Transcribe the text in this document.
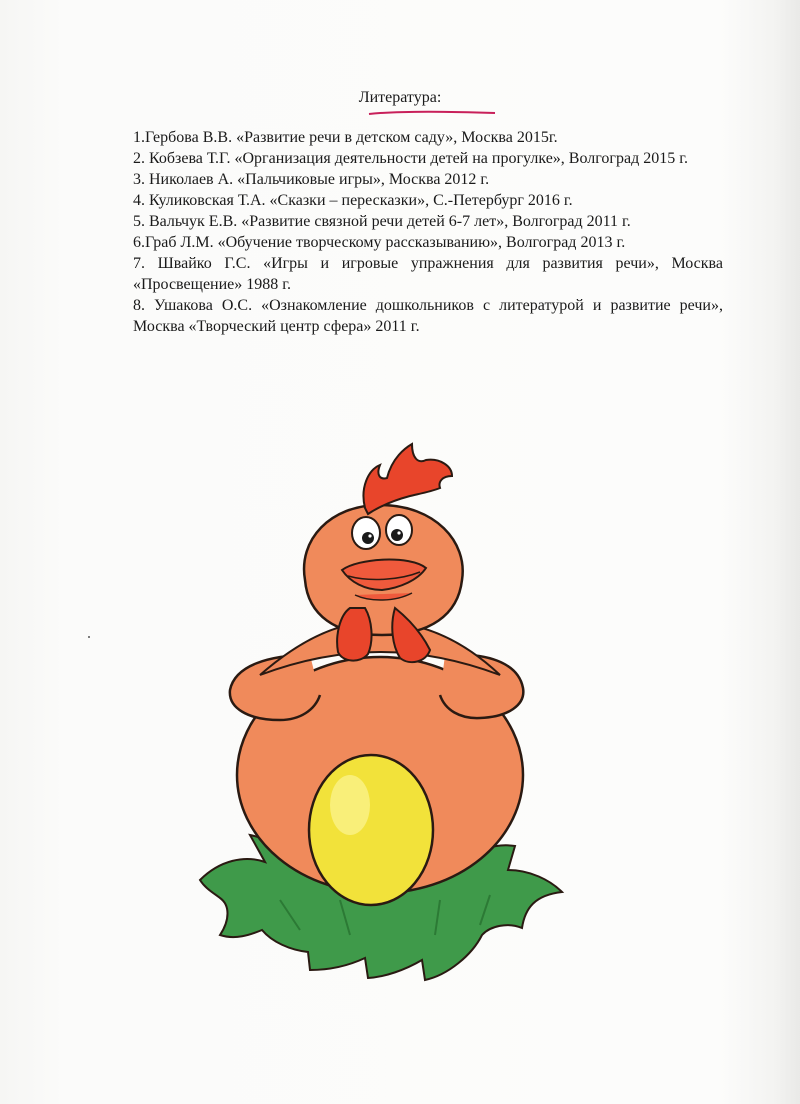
Литература:

1.Гербова В.В. «Развитие речи в детском саду», Москва 2015г.

2. Кобзева Т.Г. «Организация деятельности детей на прогулке», Волгоград 2015 г.

3. Николаев А. «Пальчиковые игры», Москва 2012 г.

4. Куликовская Т.А. «Сказки – пересказки», С.-Петербург 2016 г.

5. Вальчук Е.В. «Развитие связной речи детей 6-7 лет», Волгоград 2011 г.

6.Граб Л.М. «Обучение творческому рассказыванию», Волгоград 2013 г.

7. Швайко Г.С. «Игры и игровые упражнения для развития речи», Москва «Просвещение» 1988 г.

8. Ушакова О.С. «Ознакомление дошкольников с литературой и развитие речи», Москва «Творческий центр сфера» 2011 г.
